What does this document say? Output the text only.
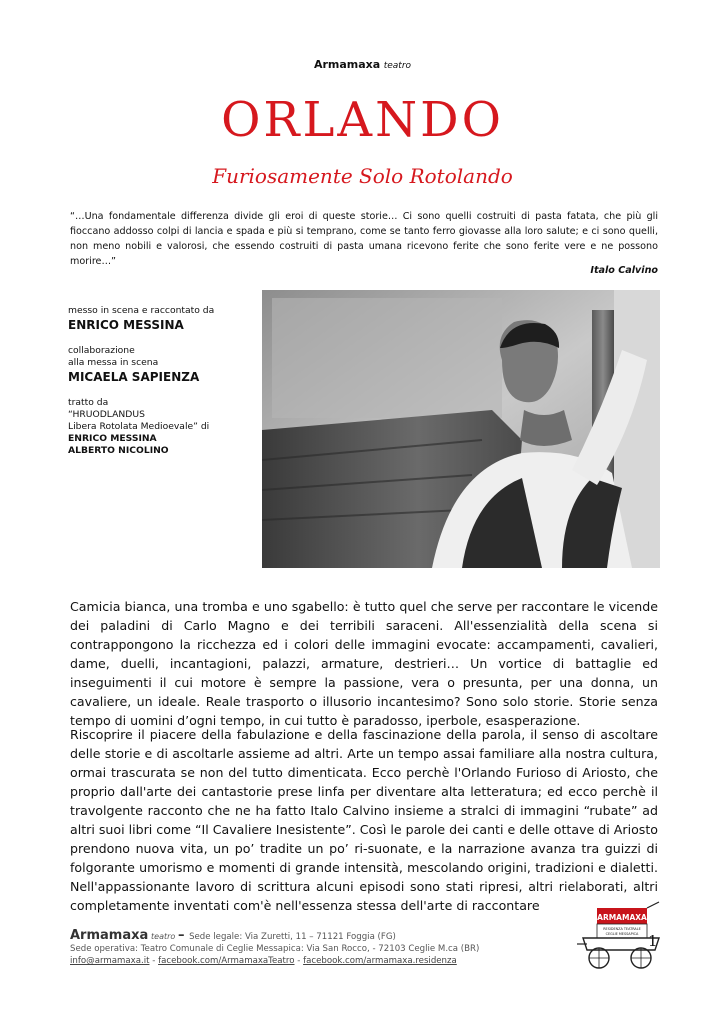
Armamaxa teatro
ORLANDO
Furiosamente Solo Rotolando
“…Una fondamentale differenza divide gli eroi di queste storie… Ci sono quelli costruiti di pasta fatata, che più gli fioccano addosso colpi di lancia e spada e più si temprano, come se tanto ferro giovasse alla loro salute; e ci sono quelli, non meno nobili e valorosi, che essendo costruiti di pasta umana ricevono ferite che sono ferite vere e ne possono morire…”
Italo Calvino
messo in scena e raccontato da
ENRICO MESSINA
collaborazione
alla messa in scena
MICAELA SAPIENZA
tratto da
“HRUODLANDUS
Libera Rotolata Medioevale” di
ENRICO MESSINA
ALBERTO NICOLINO
Camicia bianca, una tromba e uno sgabello: è tutto quel che serve per raccontare le vicende dei paladini di Carlo Magno e dei terribili saraceni. All'essenzialità della scena si contrappongono la ricchezza ed i colori delle immagini evocate: accampamenti, cavalieri, dame, duelli, incantagioni, palazzi, armature, destrieri… Un vortice di battaglie ed inseguimenti il cui motore è sempre la passione, vera o presunta, per una donna, un cavaliere, un ideale. Reale trasporto o illusorio incantesimo? Sono solo storie. Storie senza tempo di uomini d’ogni tempo, in cui tutto è paradosso, iperbole, esasperazione.
Riscoprire il piacere della fabulazione e della fascinazione della parola, il senso di ascoltare delle storie e di ascoltarle assieme ad altri. Arte un tempo assai familiare alla nostra cultura, ormai trascurata se non del tutto dimenticata. Ecco perchè l'Orlando Furioso di Ariosto, che proprio dall'arte dei cantastorie prese linfa per diventare alta letteratura; ed ecco perchè il travolgente racconto che ne ha fatto Italo Calvino insieme a stralci di immagini “rubate” ad altri suoi libri come “Il Cavaliere Inesistente”. Così le parole dei canti e delle ottave di Ariosto prendono nuova vita, un po’ tradite un po’ ri-suonate, e la narrazione avanza tra guizzi di folgorante umorismo e momenti di grande intensità, mescolando origini, tradizioni e dialetti. Nell'appassionante lavoro di scrittura alcuni episodi sono stati ripresi, altri rielaborati, altri completamente inventati com'è nell'essenza stessa dell'arte di raccontare
Armamaxa teatro – Sede legale: Via Zuretti, 11 – 71121 Foggia (FG)
Sede operativa: Teatro Comunale di Ceglie Messapica: Via San Rocco, - 72103 Ceglie M.ca (BR)
info@armamaxa.it - facebook.com/ArmamaxaTeatro - facebook.com/armamaxa.residenza
ARMAMAXA
RESIDENZA TEATRALE
CEGLIE MESSAPICA 1
